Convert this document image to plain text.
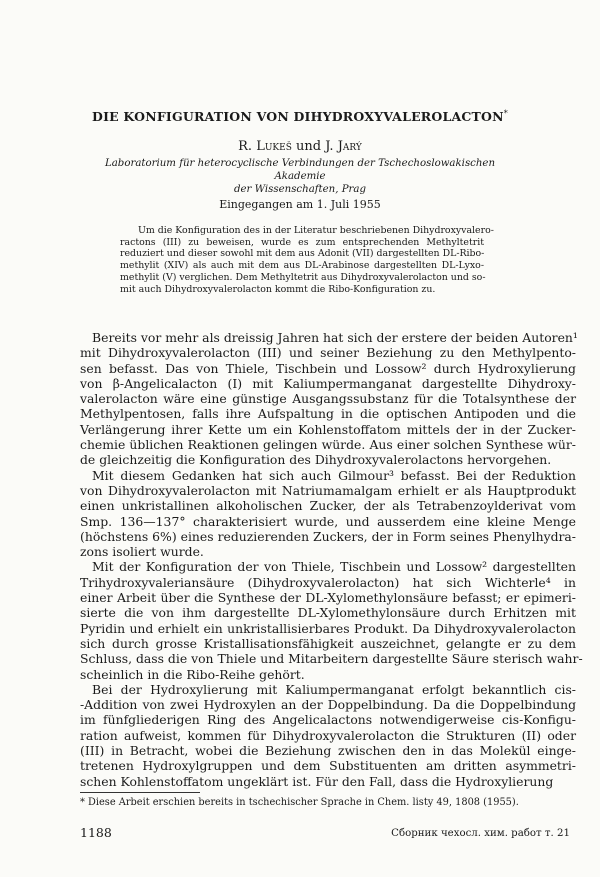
DIE KONFIGURATION VON DIHYDROXYVALEROLACTON*
R. Lukeš und J. Jarý
Laboratorium für heterocyclische Verbindungen der Tschechoslowakischen Akademie
der Wissenschaften, Prag
Eingegangen am 1. Juli 1955
Um die Konfiguration des in der Literatur beschriebenen Dihydroxyvalero-
ractons (III) zu beweisen, wurde es zum entsprechenden Methyltetrit
reduziert und dieser sowohl mit dem aus Adonit (VII) dargestellten DL-Ribo-
methylit (XIV) als auch mit dem aus DL-Arabinose dargestellten DL-Lyxo-
methylit (V) verglichen. Dem Methyltetrit aus Dihydroxyvalerolacton und so-
mit auch Dihydroxyvalerolacton kommt die Ribo-Konfiguration zu.
Bereits vor mehr als dreissig Jahren hat sich der erstere der beiden Autoren¹
mit Dihydroxyvalerolacton (III) und seiner Beziehung zu den Methylpento-
sen befasst. Das von Thiele, Tischbein und Lossow² durch Hydroxylierung
von β-Angelicalacton (I) mit Kaliumpermanganat dargestellte Dihydroxy-
valerolacton wäre eine günstige Ausgangssubstanz für die Totalsynthese der
Methylpentosen, falls ihre Aufspaltung in die optischen Antipoden und die
Verlängerung ihrer Kette um ein Kohlenstoffatom mittels der in der Zucker-
chemie üblichen Reaktionen gelingen würde. Aus einer solchen Synthese wür-
de gleichzeitig die Konfiguration des Dihydroxyvalerolactons hervorgehen.
Mit diesem Gedanken hat sich auch Gilmour³ befasst. Bei der Reduktion
von Dihydroxyvalerolacton mit Natriumamalgam erhielt er als Hauptprodukt
einen unkristallinen alkoholischen Zucker, der als Tetrabenzoylderivat vom
Smp. 136—137° charakterisiert wurde, und ausserdem eine kleine Menge
(höchstens 6%) eines reduzierenden Zuckers, der in Form seines Phenylhydra-
zons isoliert wurde.
Mit der Konfiguration der von Thiele, Tischbein und Lossow² dargestellten
Trihydroxyvaleriansäure (Dihydroxyvalerolacton) hat sich Wichterle⁴ in
einer Arbeit über die Synthese der DL-Xylomethylonsäure befasst; er epimeri-
sierte die von ihm dargestellte DL-Xylomethylonsäure durch Erhitzen mit
Pyridin und erhielt ein unkristallisierbares Produkt. Da Dihydroxyvalerolacton
sich durch grosse Kristallisationsfähigkeit auszeichnet, gelangte er zu dem
Schluss, dass die von Thiele und Mitarbeitern dargestellte Säure sterisch wahr-
scheinlich in die Ribo-Reihe gehört.
Bei der Hydroxylierung mit Kaliumpermanganat erfolgt bekanntlich cis-
-Addition von zwei Hydroxylen an der Doppelbindung. Da die Doppelbindung
im fünfgliederigen Ring des Angelicalactons notwendigerweise cis-Konfigu-
ration aufweist, kommen für Dihydroxyvalerolacton die Strukturen (II) oder
(III) in Betracht, wobei die Beziehung zwischen den in das Molekül einge-
tretenen Hydroxylgruppen und dem Substituenten am dritten asymmetri-
schen Kohlenstoffatom ungeklärt ist. Für den Fall, dass die Hydroxylierung
* Diese Arbeit erschien bereits in tschechischer Sprache in Chem. listy 49, 1808 (1955).
1188	Сборник чехосл. хим. работ т. 21
